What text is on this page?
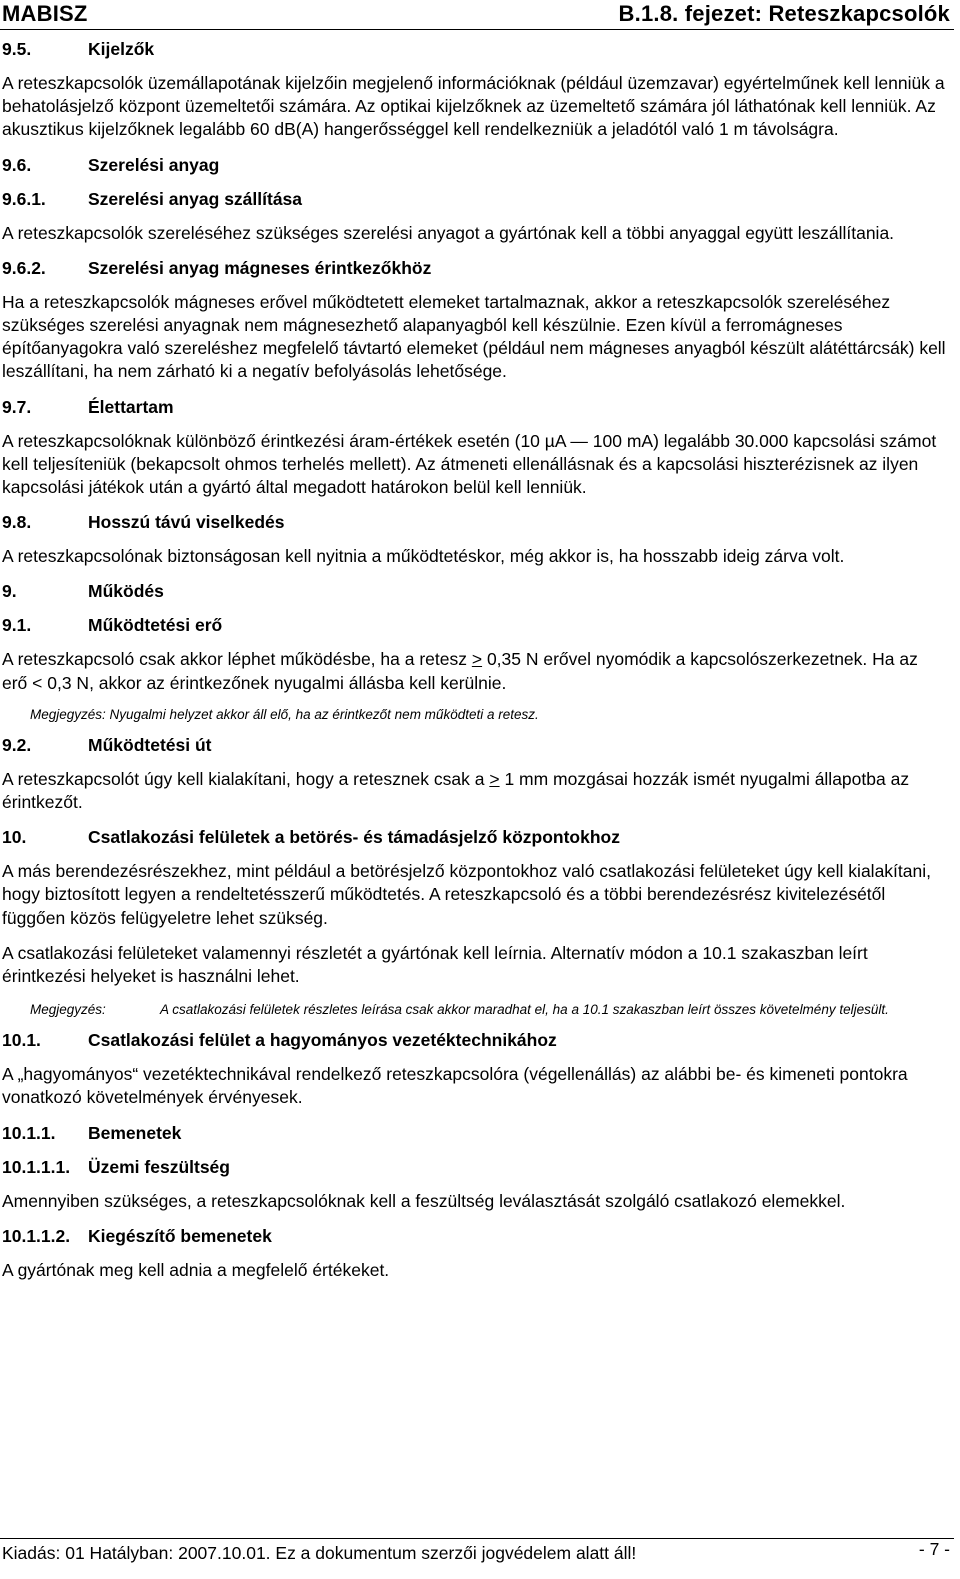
MABISZ	B.1.8. fejezet: Reteszkapcsolók
9.5.	Kijelzők

A reteszkapcsolók üzemállapotának kijelzőin megjelenő információknak (például üzemzavar) egyértelműnek kell lenniük a behatolásjelző központ üzemeltetői számára. Az optikai kijelzőknek az üzemeltető számára jól láthatónak kell lenniük. Az akusztikus kijelzőknek legalább 60 dB(A) hangerősséggel kell rendelkezniük a jeladótól való 1 m távolságra.

9.6.	Szerelési anyag
9.6.1.	Szerelési anyag szállítása

A reteszkapcsolók szereléséhez szükséges szerelési anyagot a gyártónak kell a többi anyaggal együtt leszállítania.

9.6.2.	Szerelési anyag mágneses érintkezőkhöz

Ha a reteszkapcsolók mágneses erővel működtetett elemeket tartalmaznak, akkor a reteszkapcsolók szereléséhez szükséges szerelési anyagnak nem mágnesezhető alapanyagból kell készülnie. Ezen kívül a ferromágneses építőanyagokra való szereléshez megfelelő távtartó elemeket (például nem mágneses anyagból készült alátéttárcsák) kell leszállítani, ha nem zárható ki a negatív befolyásolás lehetősége.

9.7.	Élettartam

A reteszkapcsolóknak különböző érintkezési áram-értékek esetén (10 µA — 100 mA) legalább 30.000 kapcsolási számot kell teljesíteniük (bekapcsolt ohmos terhelés mellett). Az átmeneti ellenállásnak és a kapcsolási hiszterézisnek az ilyen kapcsolási játékok után a gyártó által megadott határokon belül kell lenniük.

9.8.	Hosszú távú viselkedés

A reteszkapcsolónak biztonságosan kell nyitnia a működtetéskor, még akkor is, ha hosszabb ideig zárva volt.

9.	Működés
9.1.	Működtetési erő

A reteszkapcsoló csak akkor léphet működésbe, ha a retesz ≥ 0,35 N erővel nyomódik a kapcsolószerkezetnek. Ha az erő < 0,3 N, akkor az érintkezőnek nyugalmi állásba kell kerülnie.

Megjegyzés: Nyugalmi helyzet akkor áll elő, ha az érintkezőt nem működteti a retesz.

9.2.	Működtetési út

A reteszkapcsolót úgy kell kialakítani, hogy a retesznek csak a ≥ 1 mm mozgásai hozzák ismét nyugalmi állapotba az érintkezőt.

10.	Csatlakozási felületek a betörés- és támadásjelző központokhoz

A más berendezésrészekhez, mint például a betörésjelző központokhoz való csatlakozási felületeket úgy kell kialakítani, hogy biztosított legyen a rendeltetésszerű működtetés. A reteszkapcsoló és a többi berendezésrész kivitelezésétől függően közös felügyeletre lehet szükség.

A csatlakozási felületeket valamennyi részletét a gyártónak kell leírnia. Alternatív módon a 10.1 szakaszban leírt érintkezési helyeket is használni lehet.

Megjegyzés:	A csatlakozási felületek részletes leírása csak akkor maradhat el, ha a 10.1 szakaszban leírt összes követelmény teljesült.
10.1.	Csatlakozási felület a hagyományos vezetéktechnikához

A „hagyományos“ vezetéktechnikával rendelkező reteszkapcsolóra (végellenállás) az alábbi be- és kimeneti pontokra vonatkozó követelmények érvényesek.

10.1.1.	Bemenetek
10.1.1.1.	Üzemi feszültség

Amennyiben szükséges, a reteszkapcsolóknak kell a feszültség leválasztását szolgáló csatlakozó elemekkel.

10.1.1.2.	Kiegészítő bemenetek

A gyártónak meg kell adnia a megfelelő értékeket.

Kiadás: 01 Hatályban: 2007.10.01. Ez a dokumentum szerzői jogvédelem alatt áll!	- 7 -
